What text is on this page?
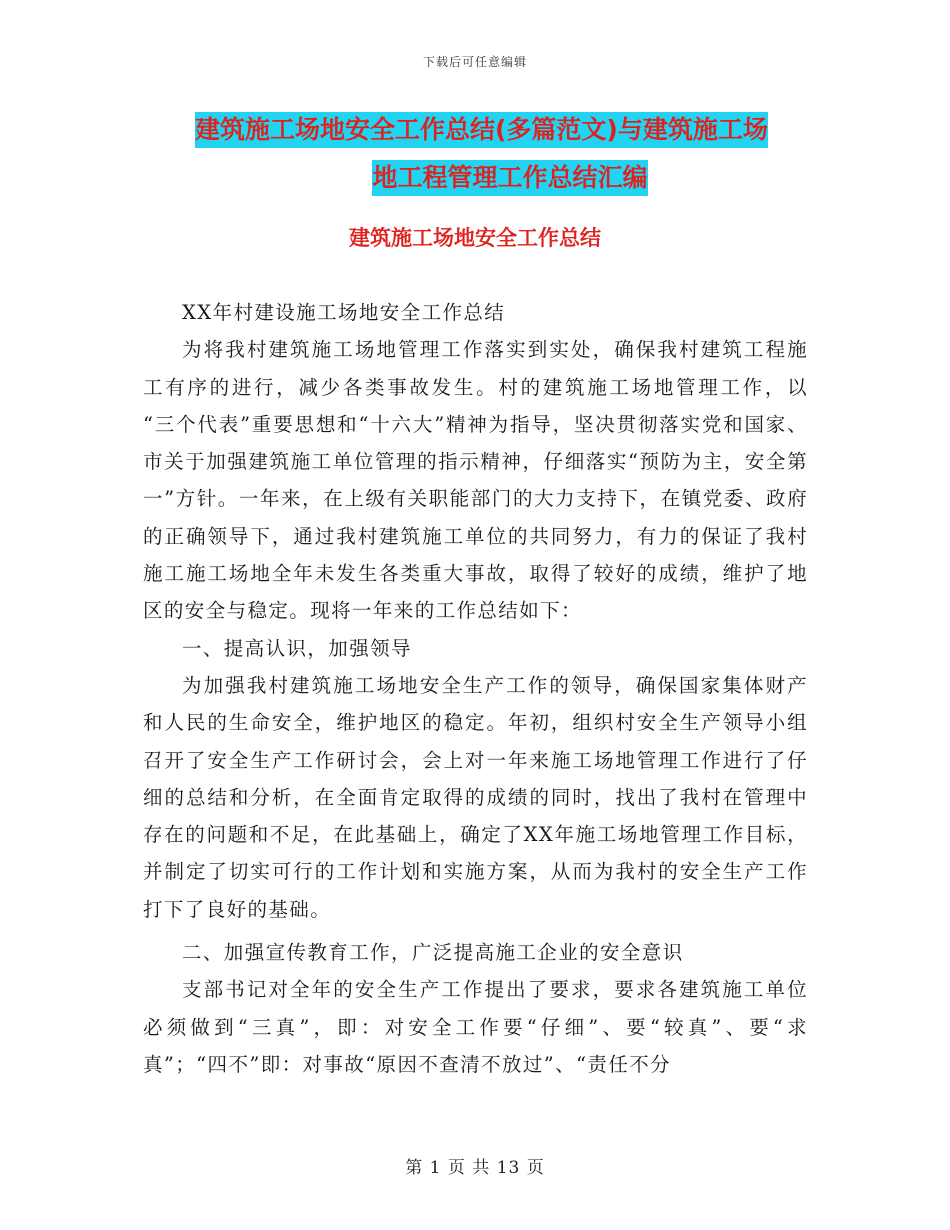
下载后可任意编辑
建筑施工场地安全工作总结(多篇范文)与建筑施工场
地工程管理工作总结汇编
建筑施工场地安全工作总结

XX年村建设施工场地安全工作总结

为将我村建筑施工场地管理工作落实到实处，确保我村建筑工程施工有序的进行，减少各类事故发生。村的建筑施工场地管理工作，以 “三个代表”重要思想和“十六大”精神为指导，坚决贯彻落实党和国家、市关于加强建筑施工单位管理的指示精神，仔细落实“预防为主，安全第一”方针。一年来，在上级有关职能部门的大力支持下，在镇党委、政府的正确领导下，通过我村建筑施工单位的共同努力，有力的保证了我村施工施工场地全年未发生各类重大事故，取得了较好的成绩，维护了地区的安全与稳定。现将一年来的工作总结如下：

一、提高认识，加强领导

为加强我村建筑施工场地安全生产工作的领导，确保国家集体财产和人民的生命安全，维护地区的稳定。年初，组织村安全生产领导小组召开了安全生产工作研讨会，会上对一年来施工场地管理工作进行了仔细的总结和分析，在全面肯定取得的成绩的同时，找出了我村在管理中存在的问题和不足，在此基础上，确定了XX年施工场地管理工作目标，并制定了切实可行的工作计划和实施方案，从而为我村的安全生产工作打下了良好的基础。

二、加强宣传教育工作，广泛提高施工企业的安全意识

支部书记对全年的安全生产工作提出了要求，要求各建筑施工单位必须做到“三真”，即：对安全工作要“仔细”、要“较真”、要“求真”；“四不”即：对事故“原因不查清不放过”、“责任不分

第 1 页 共 13 页
